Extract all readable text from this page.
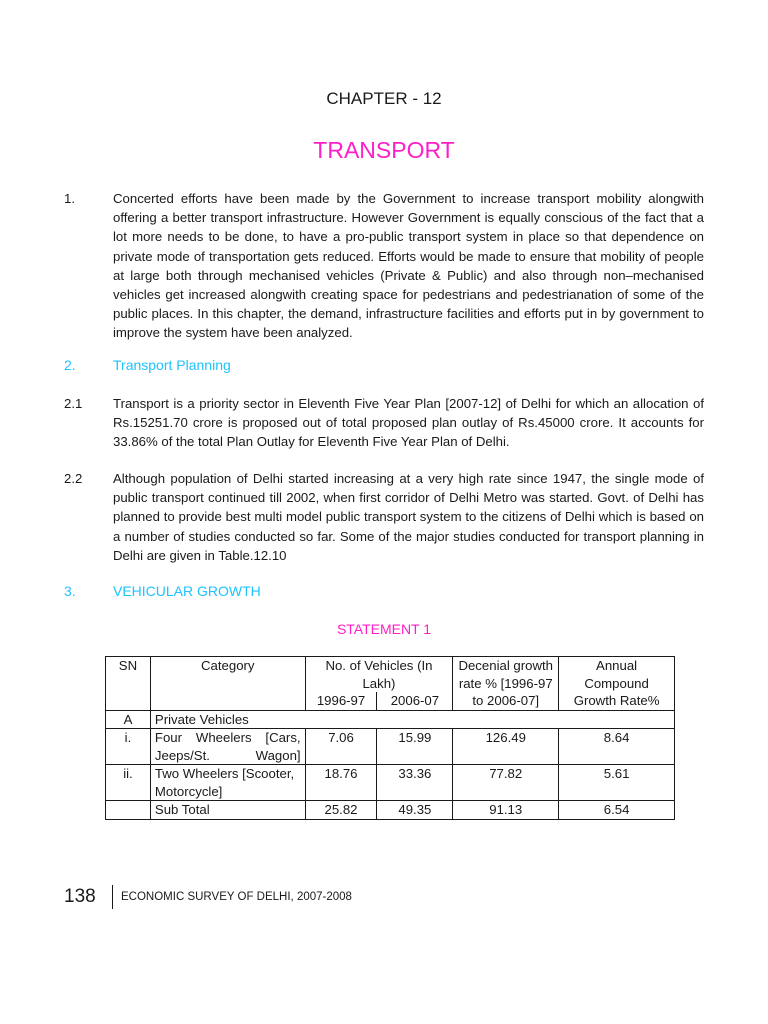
CHAPTER - 12
TRANSPORT
1.	Concerted efforts have been made by the Government to increase transport mobility alongwith offering a better transport infrastructure. However Government is equally conscious of the fact that a lot more needs to be done, to have a pro-public transport system in place so that dependence on private mode of transportation gets reduced. Efforts would be made to ensure that mobility of people at large both through mechanised vehicles (Private & Public) and also through non–mechanised vehicles get increased alongwith creating space for pedestrians and pedestrianation of some of the public places. In this chapter, the demand, infrastructure facilities and efforts put in by government to improve the system have been analyzed.
2.	Transport Planning
2.1 Transport is a priority sector in Eleventh Five Year Plan [2007-12] of Delhi for which an allocation of Rs.15251.70 crore is proposed out of total proposed plan outlay of Rs.45000 crore. It accounts for 33.86% of the total Plan Outlay for Eleventh Five Year Plan of Delhi.
2.2 Although population of Delhi started increasing at a very high rate since 1947, the single mode of public transport continued till 2002, when first corridor of Delhi Metro was started. Govt. of Delhi has planned to provide best multi model public transport system to the citizens of Delhi which is based on a number of studies conducted so far. Some of the major studies conducted for transport planning in Delhi are given in Table.12.10
3.	VEHICULAR GROWTH
STATEMENT 1
SN	Category	No. of Vehicles (In Lakh)		Decenial growth rate % [1996-97 to 2006-07]	Annual Compound Growth Rate%
		1996-97	2006-07		
A	Private Vehicles				
i.	Four Wheelers [Cars, Jeeps/St. Wagon]	7.06	15.99	126.49	8.64
ii.	Two Wheelers [Scooter, Motorcycle]	18.76	33.36	77.82	5.61
	Sub Total	25.82	49.35	91.13	6.54
138 ECONOMIC SURVEY OF DELHI, 2007-2008
